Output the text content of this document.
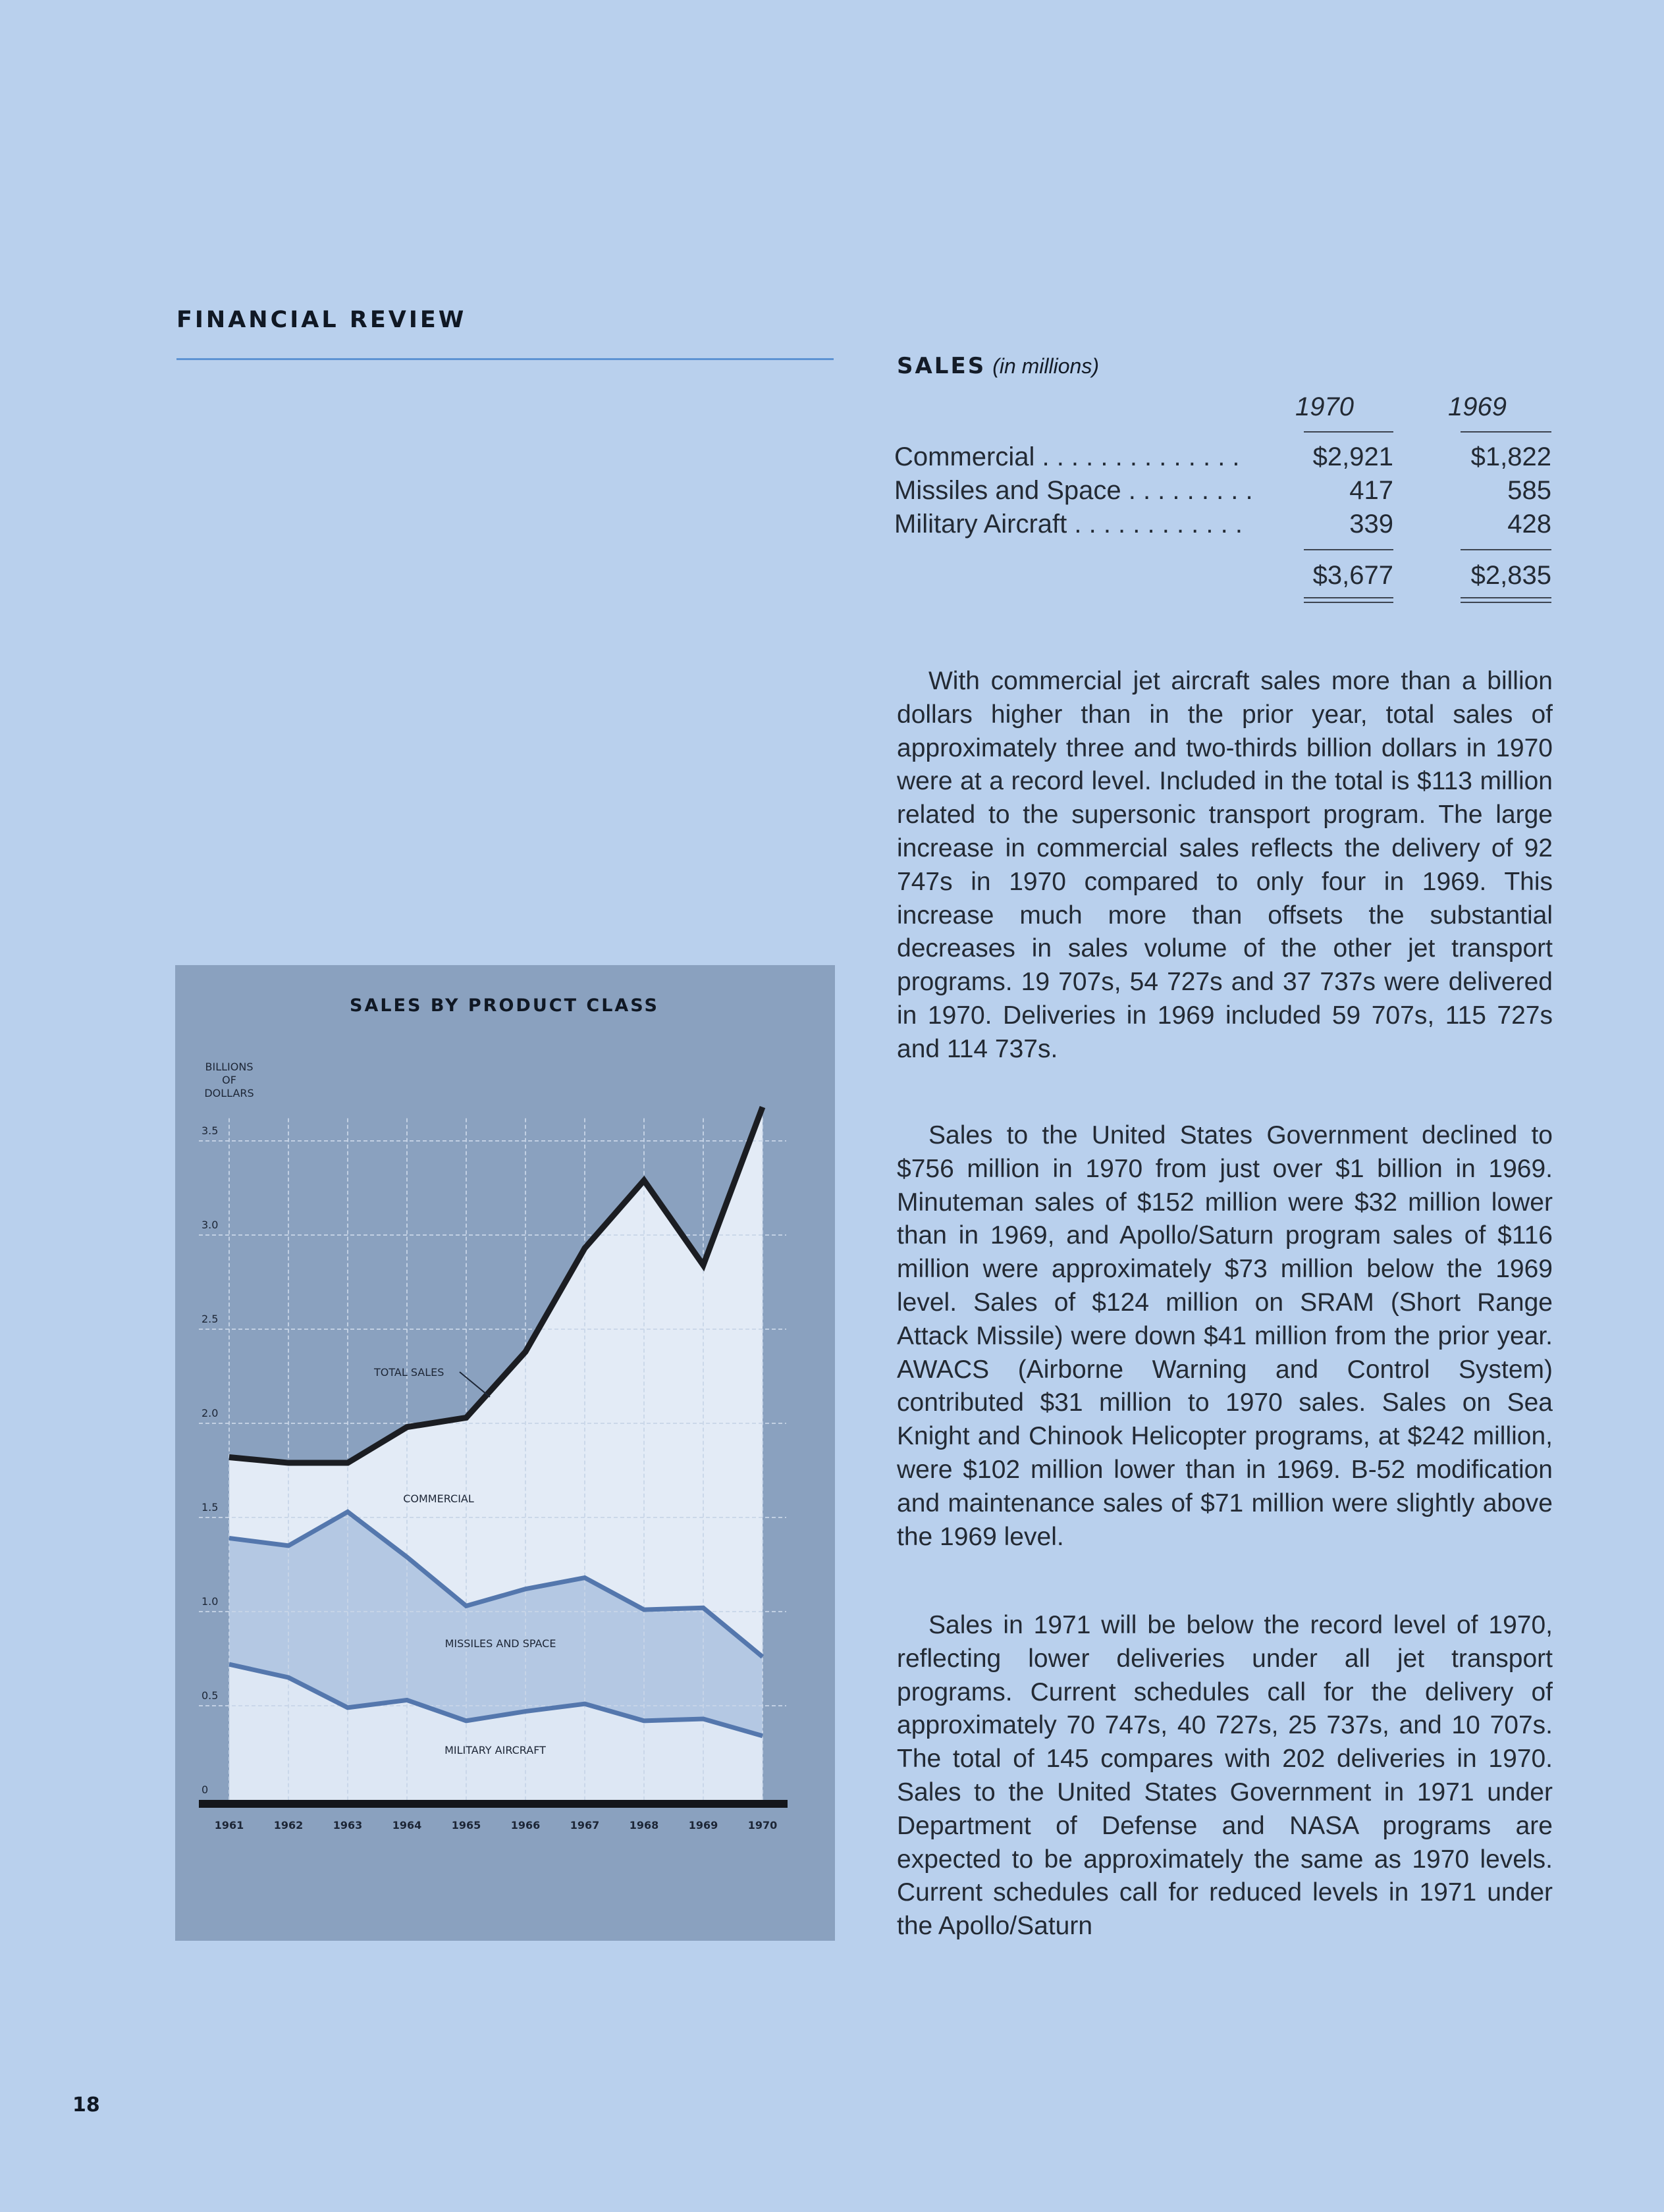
FINANCIAL REVIEW
SALES (in millions)
1970	1969
Commercial . . . . . . . . . . . . . .	$2,921	$1,822
Missiles and Space . . . . . . . . .	417	585
Military Aircraft . . . . . . . . . . . .	339	428
$3,677	$2,835

With commercial jet aircraft sales more than a billion dollars higher than in the prior year, total sales of approximately three and two-thirds billion dollars in 1970 were at a record level. Included in the total is $113 million related to the supersonic transport program. The large increase in commercial sales reflects the delivery of 92 747s in 1970 compared to only four in 1969. This increase much more than offsets the substantial decreases in sales volume of the other jet transport programs. 19 707s, 54 727s and 37 737s were delivered in 1970. Deliveries in 1969 included 59 707s, 115 727s and 114 737s.

Sales to the United States Government declined to $756 million in 1970 from just over $1 billion in 1969. Minuteman sales of $152 million were $32 million lower than in 1969, and Apollo/Saturn program sales of $116 million were approximately $73 million below the 1969 level. Sales of $124 million on SRAM (Short Range Attack Missile) were down $41 million from the prior year. AWACS (Airborne Warning and Control System) contributed $31 million to 1970 sales. Sales on Sea Knight and Chinook Helicopter programs, at $242 million, were $102 million lower than in 1969. B-52 modification and maintenance sales of $71 million were slightly above the 1969 level.

Sales in 1971 will be below the record level of 1970, reflecting lower deliveries under all jet transport programs. Current schedules call for the delivery of approximately 70 747s, 40 727s, 25 737s, and 10 707s. The total of 145 compares with 202 deliveries in 1970. Sales to the United States Government in 1971 under Department of Defense and NASA programs are expected to be approximately the same as 1970 levels. Current schedules call for reduced levels in 1971 under the Apollo/Saturn

0
0.5
1.0
1.5
2.0
2.5
3.0
3.5
1961	1962	1963	1964	1965	1966	1967	1968	1969	1970
SALES BY PRODUCT CLASS
BILLIONS
OF
DOLLARS
TOTAL SALES
COMMERCIAL
MISSILES AND SPACE
MILITARY AIRCRAFT
18
